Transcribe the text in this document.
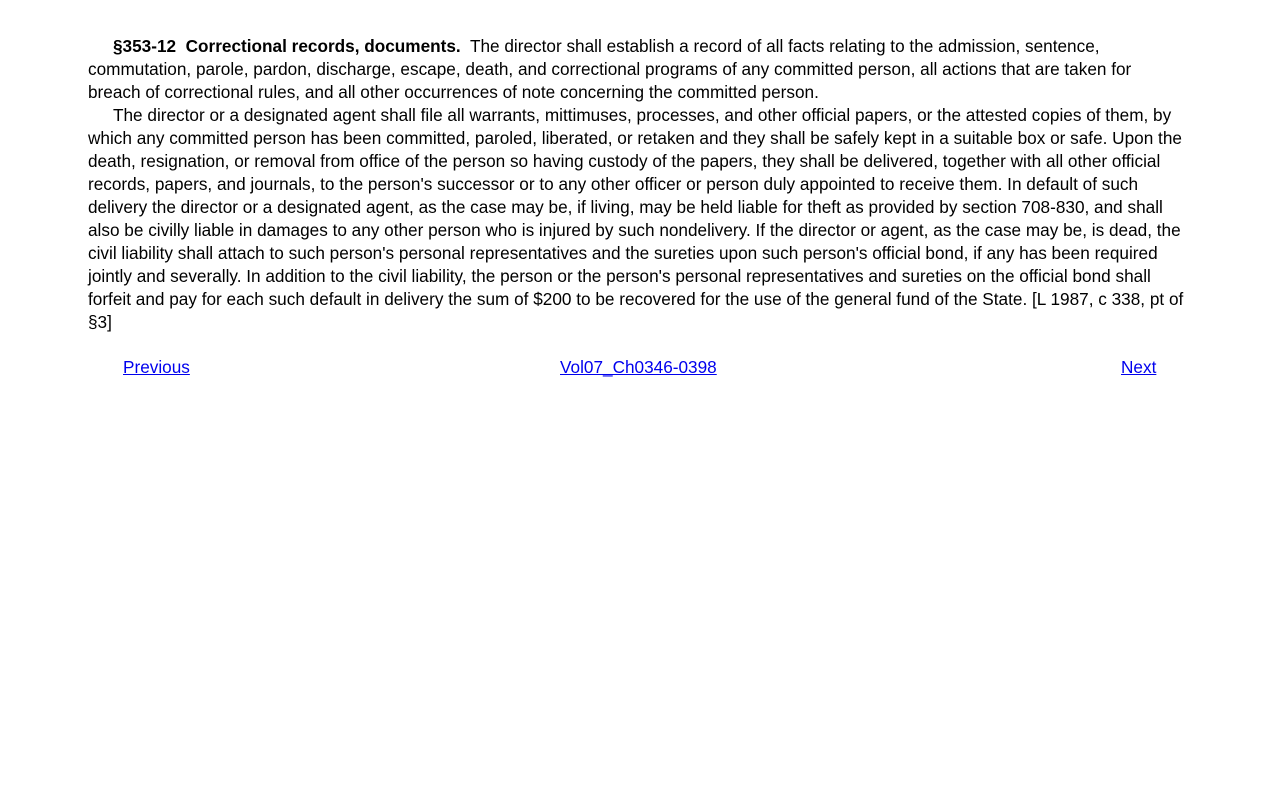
§353-12 Correctional records, documents. The director shall establish a record of all facts relating to the admission, sentence, commutation, parole, pardon, discharge, escape, death, and correctional programs of any committed person, all actions that are taken for breach of correctional rules, and all other occurrences of note concerning the committed person.

The director or a designated agent shall file all warrants, mittimuses, processes, and other official papers, or the attested copies of them, by which any committed person has been committed, paroled, liberated, or retaken and they shall be safely kept in a suitable box or safe. Upon the death, resignation, or removal from office of the person so having custody of the papers, they shall be delivered, together with all other official records, papers, and journals, to the person's successor or to any other officer or person duly appointed to receive them. In default of such delivery the director or a designated agent, as the case may be, if living, may be held liable for theft as provided by section 708-830, and shall also be civilly liable in damages to any other person who is injured by such nondelivery. If the director or agent, as the case may be, is dead, the civil liability shall attach to such person's personal representatives and the sureties upon such person's official bond, if any has been required jointly and severally. In addition to the civil liability, the person or the person's personal representatives and sureties on the official bond shall forfeit and pay for each such default in delivery the sum of $200 to be recovered for the use of the general fund of the State. [L 1987, c 338, pt of §3]

Previous	Vol07_Ch0346-0398	Next
